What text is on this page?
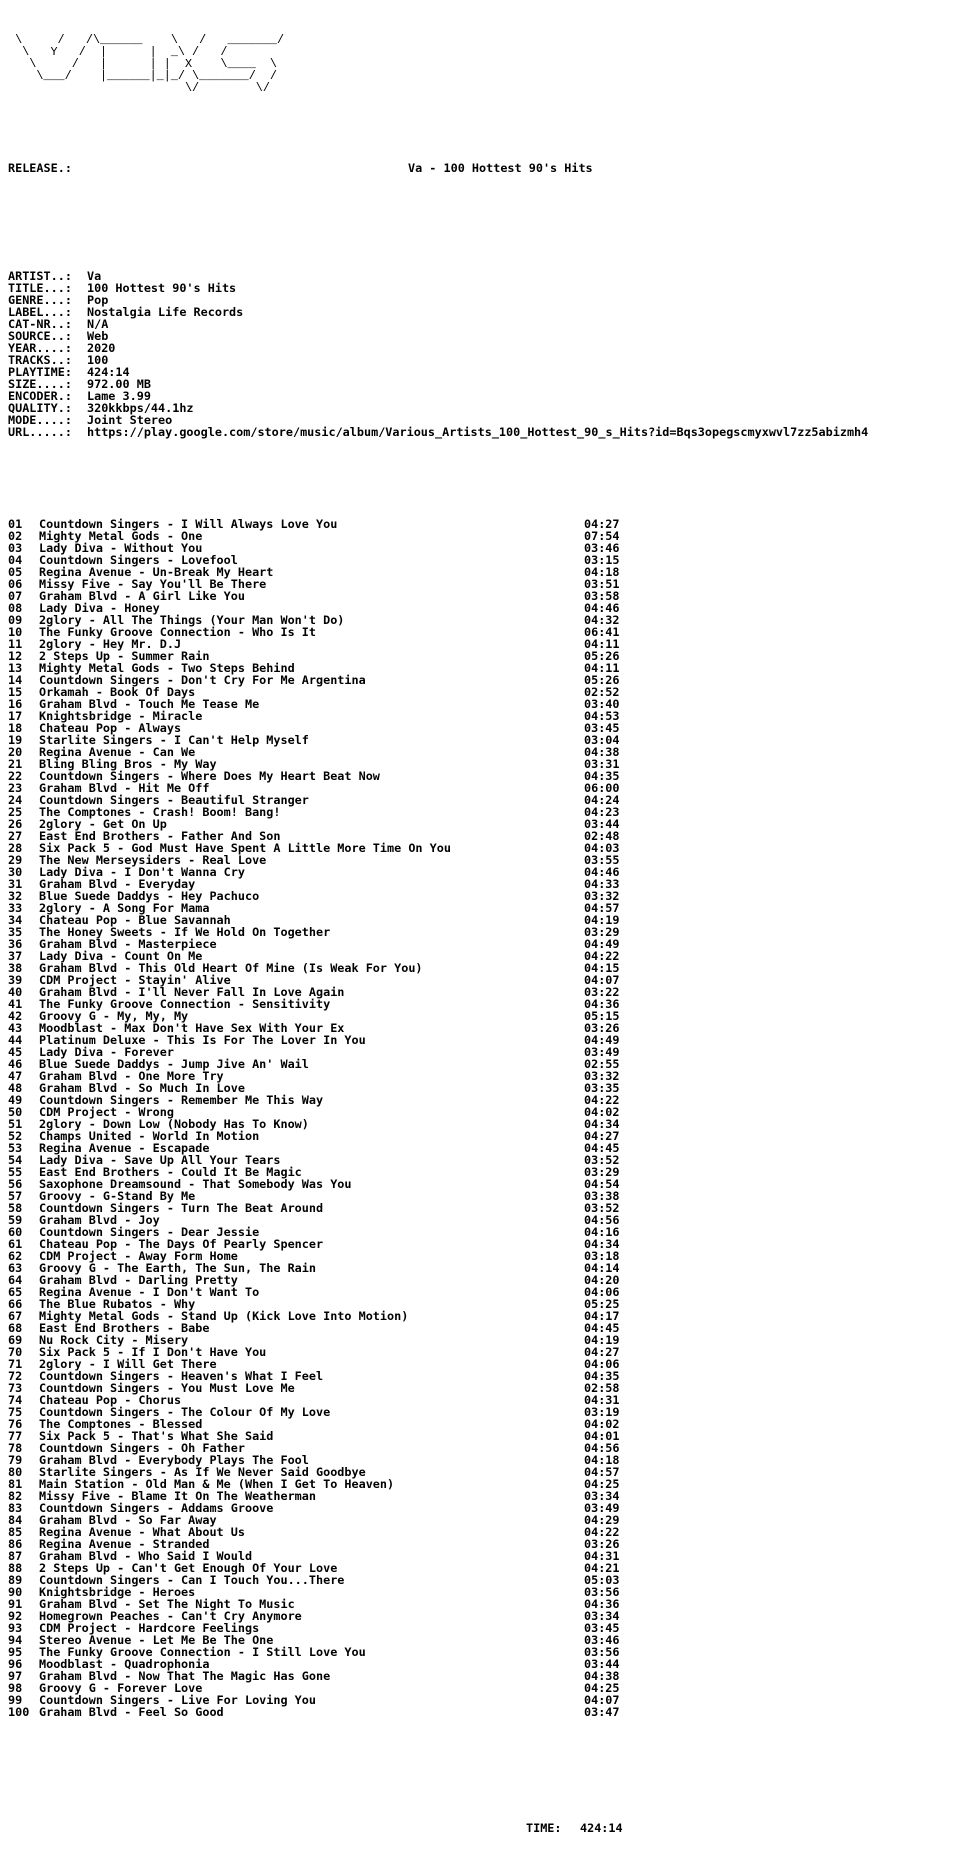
\     /   /\______    \   /   _______/
\   Y   /  |      |  _\ /   /
\     /   |      | |  X    \____  \
\___/    |______|_|_/ \_______/  /
\/        \/

RELEASE.:

	Va - 100 Hottest 90's Hits

ARTIST..: Va
TITLE...: 100 Hottest 90's Hits
GENRE...: Pop
LABEL...: Nostalgia Life Records
CAT-NR..: N/A
SOURCE..: Web
YEAR....: 2020
TRACKS..: 100
PLAYTIME: 424:14
SIZE....: 972.00 MB
ENCODER.: Lame 3.99
QUALITY.: 320kkbps/44.1hz
MODE....: Joint Stereo
URL.....: https://play.google.com/store/music/album/Various_Artists_100_Hottest_90_s_Hits?id=Bqs3opegscmyxwvl7zz5abizmh4

01 Countdown Singers - I Will Always Love You	04:27
02 Mighty Metal Gods - One	07:54
03 Lady Diva - Without You	03:46
04 Countdown Singers - Lovefool	03:15
05 Regina Avenue - Un-Break My Heart	04:18
06 Missy Five - Say You'll Be There	03:51
07 Graham Blvd - A Girl Like You	03:58
08 Lady Diva - Honey	04:46
09 2glory - All The Things (Your Man Won't Do)	04:32
10 The Funky Groove Connection - Who Is It	06:41
11 2glory - Hey Mr. D.J	04:11
12 2 Steps Up - Summer Rain	05:26
13 Mighty Metal Gods - Two Steps Behind	04:11
14 Countdown Singers - Don't Cry For Me Argentina	05:26
15 Orkamah - Book Of Days	02:52
16 Graham Blvd - Touch Me Tease Me	03:40
17 Knightsbridge - Miracle	04:53
18 Chateau Pop - Always	03:45
19 Starlite Singers - I Can't Help Myself	03:04
20 Regina Avenue - Can We	04:38
21 Bling Bling Bros - My Way	03:31
22 Countdown Singers - Where Does My Heart Beat Now	04:35
23 Graham Blvd - Hit Me Off	06:00
24 Countdown Singers - Beautiful Stranger	04:24
25 The Comptones - Crash! Boom! Bang!	04:23
26 2glory - Get On Up	03:44
27 East End Brothers - Father And Son	02:48
28 Six Pack 5 - God Must Have Spent A Little More Time On You	04:03
29 The New Merseysiders - Real Love	03:55
30 Lady Diva - I Don't Wanna Cry	04:46
31 Graham Blvd - Everyday	04:33
32 Blue Suede Daddys - Hey Pachuco	03:32
33 2glory - A Song For Mama	04:57
34 Chateau Pop - Blue Savannah	04:19
35 The Honey Sweets - If We Hold On Together	03:29
36 Graham Blvd - Masterpiece	04:49
37 Lady Diva - Count On Me	04:22
38 Graham Blvd - This Old Heart Of Mine (Is Weak For You)	04:15
39 CDM Project - Stayin' Alive	04:07
40 Graham Blvd - I'll Never Fall In Love Again	03:22
41 The Funky Groove Connection - Sensitivity	04:36
42 Groovy G - My, My, My	05:15
43 Moodblast - Max Don't Have Sex With Your Ex	03:26
44 Platinum Deluxe - This Is For The Lover In You	04:49
45 Lady Diva - Forever	03:49
46 Blue Suede Daddys - Jump Jive An' Wail	02:55
47 Graham Blvd - One More Try	03:32
48 Graham Blvd - So Much In Love	03:35
49 Countdown Singers - Remember Me This Way	04:22
50 CDM Project - Wrong	04:02
51 2glory - Down Low (Nobody Has To Know)	04:34
52 Champs United - World In Motion	04:27
53 Regina Avenue - Escapade	04:45
54 Lady Diva - Save Up All Your Tears	03:52
55 East End Brothers - Could It Be Magic	03:29
56 Saxophone Dreamsound - That Somebody Was You	04:54
57 Groovy - G-Stand By Me	03:38
58 Countdown Singers - Turn The Beat Around	03:52
59 Graham Blvd - Joy	04:56
60 Countdown Singers - Dear Jessie	04:16
61 Chateau Pop - The Days Of Pearly Spencer	04:34
62 CDM Project - Away Form Home	03:18
63 Groovy G - The Earth, The Sun, The Rain	04:14
64 Graham Blvd - Darling Pretty	04:20
65 Regina Avenue - I Don't Want To	04:06
66 The Blue Rubatos - Why	05:25
67 Mighty Metal Gods - Stand Up (Kick Love Into Motion)	04:17
68 East End Brothers - Babe	04:45
69 Nu Rock City - Misery	04:19
70 Six Pack 5 - If I Don't Have You	04:27
71 2glory - I Will Get There	04:06
72 Countdown Singers - Heaven's What I Feel	04:35
73 Countdown Singers - You Must Love Me	02:58
74 Chateau Pop - Chorus	04:31
75 Countdown Singers - The Colour Of My Love	03:19
76 The Comptones - Blessed	04:02
77 Six Pack 5 - That's What She Said	04:01
78 Countdown Singers - Oh Father	04:56
79 Graham Blvd - Everybody Plays The Fool	04:18
80 Starlite Singers - As If We Never Said Goodbye	04:57
81 Main Station - Old Man & Me (When I Get To Heaven)	04:25
82 Missy Five - Blame It On The Weatherman	03:34
83 Countdown Singers - Addams Groove	03:49
84 Graham Blvd - So Far Away	04:29
85 Regina Avenue - What About Us	04:22
86 Regina Avenue - Stranded	03:26
87 Graham Blvd - Who Said I Would	04:31
88 2 Steps Up - Can't Get Enough Of Your Love	04:21
89 Countdown Singers - Can I Touch You...There	05:03
90 Knightsbridge - Heroes	03:56
91 Graham Blvd - Set The Night To Music	04:36
92 Homegrown Peaches - Can't Cry Anymore	03:34
93 CDM Project - Hardcore Feelings	03:45
94 Stereo Avenue - Let Me Be The One	03:46
95 The Funky Groove Connection - I Still Love You	03:56
96 Moodblast - Quadrophonia	03:44
97 Graham Blvd - Now That The Magic Has Gone	04:38
98 Groovy G - Forever Love	04:25
99 Countdown Singers - Live For Loving You	04:07
100 Graham Blvd - Feel So Good	03:47

TIME:

424:14
